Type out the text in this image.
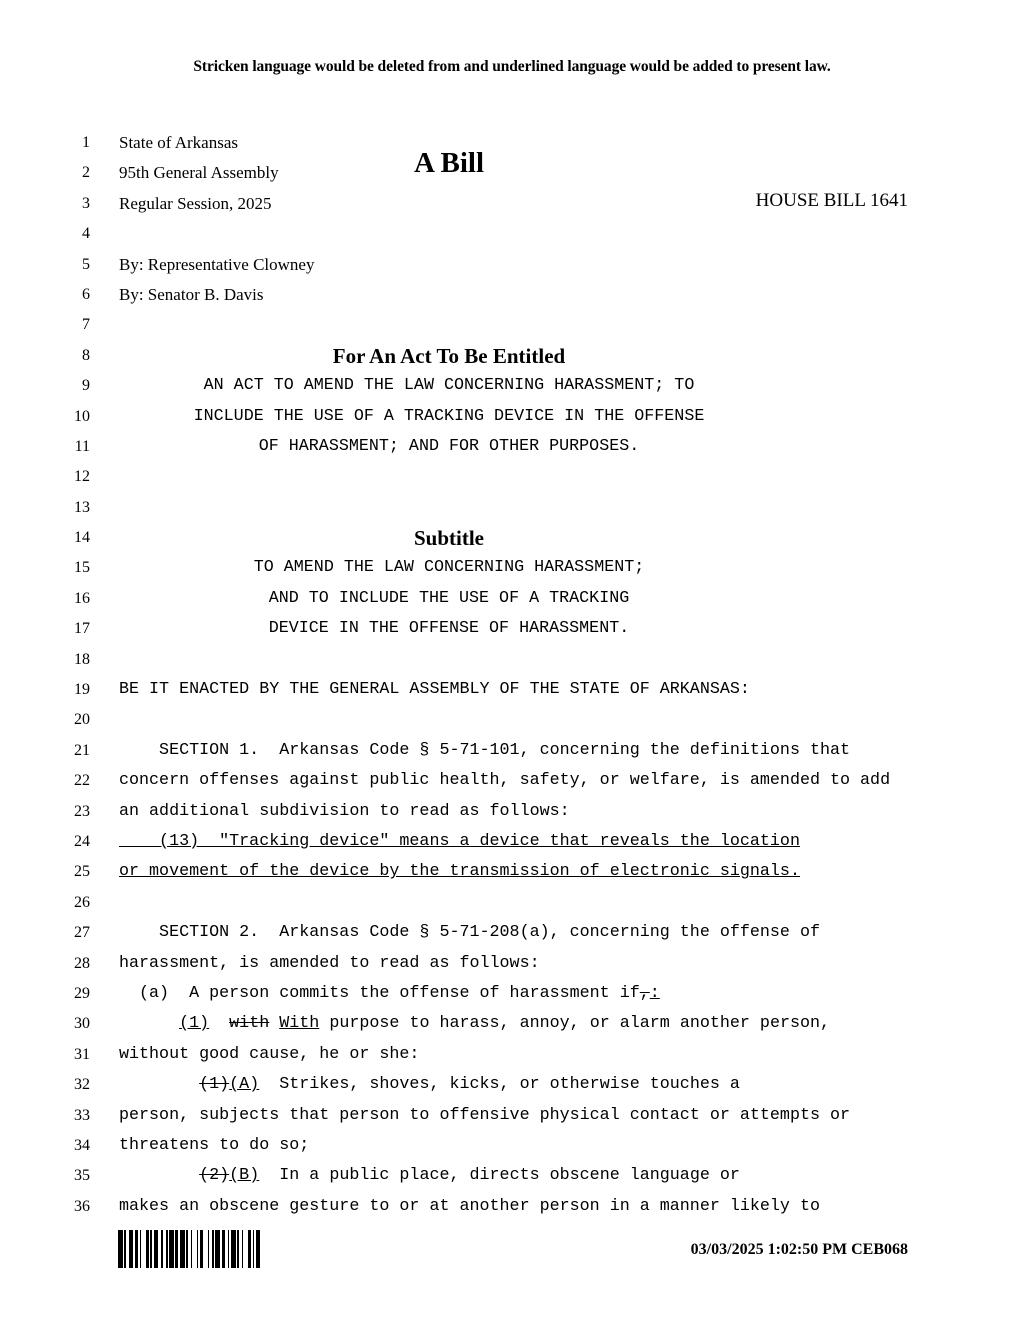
Stricken language would be deleted from and underlined language would be added to present law.
1 State of Arkansas
2 95th General Assembly
3 Regular Session, 2025
4
5 By: Representative Clowney
6 By: Senator B. Davis
7
8	For An Act To Be Entitled
9	AN ACT TO AMEND THE LAW CONCERNING HARASSMENT; TO
10	INCLUDE THE USE OF A TRACKING DEVICE IN THE OFFENSE
11	OF HARASSMENT; AND FOR OTHER PURPOSES.
12
13
14	Subtitle
15	TO AMEND THE LAW CONCERNING HARASSMENT;
16	AND TO INCLUDE THE USE OF A TRACKING
17	DEVICE IN THE OFFENSE OF HARASSMENT.
18
19 BE IT ENACTED BY THE GENERAL ASSEMBLY OF THE STATE OF ARKANSAS:
20
21 SECTION 1.  Arkansas Code § 5-71-101, concerning the definitions that
22 concern offenses against public health, safety, or welfare, is amended to add
23 an additional subdivision to read as follows:
24 (13)  "Tracking device" means a device that reveals the location
25 or movement of the device by the transmission of electronic signals.
26
27 SECTION 2.  Arkansas Code § 5-71-208(a), concerning the offense of
28 harassment, is amended to read as follows:
29 (a)  A person commits the offense of harassment if,:
30	(1) with With purpose to harass, annoy, or alarm another person,
31 without good cause, he or she:
32	(1)(A)  Strikes, shoves, kicks, or otherwise touches a
33 person, subjects that person to offensive physical contact or attempts or
34 threatens to do so;
35	(2)(B)  In a public place, directs obscene language or
36 makes an obscene gesture to or at another person in a manner likely to
A Bill
HOUSE BILL 1641
03/03/2025 1:02:50 PM CEB068
